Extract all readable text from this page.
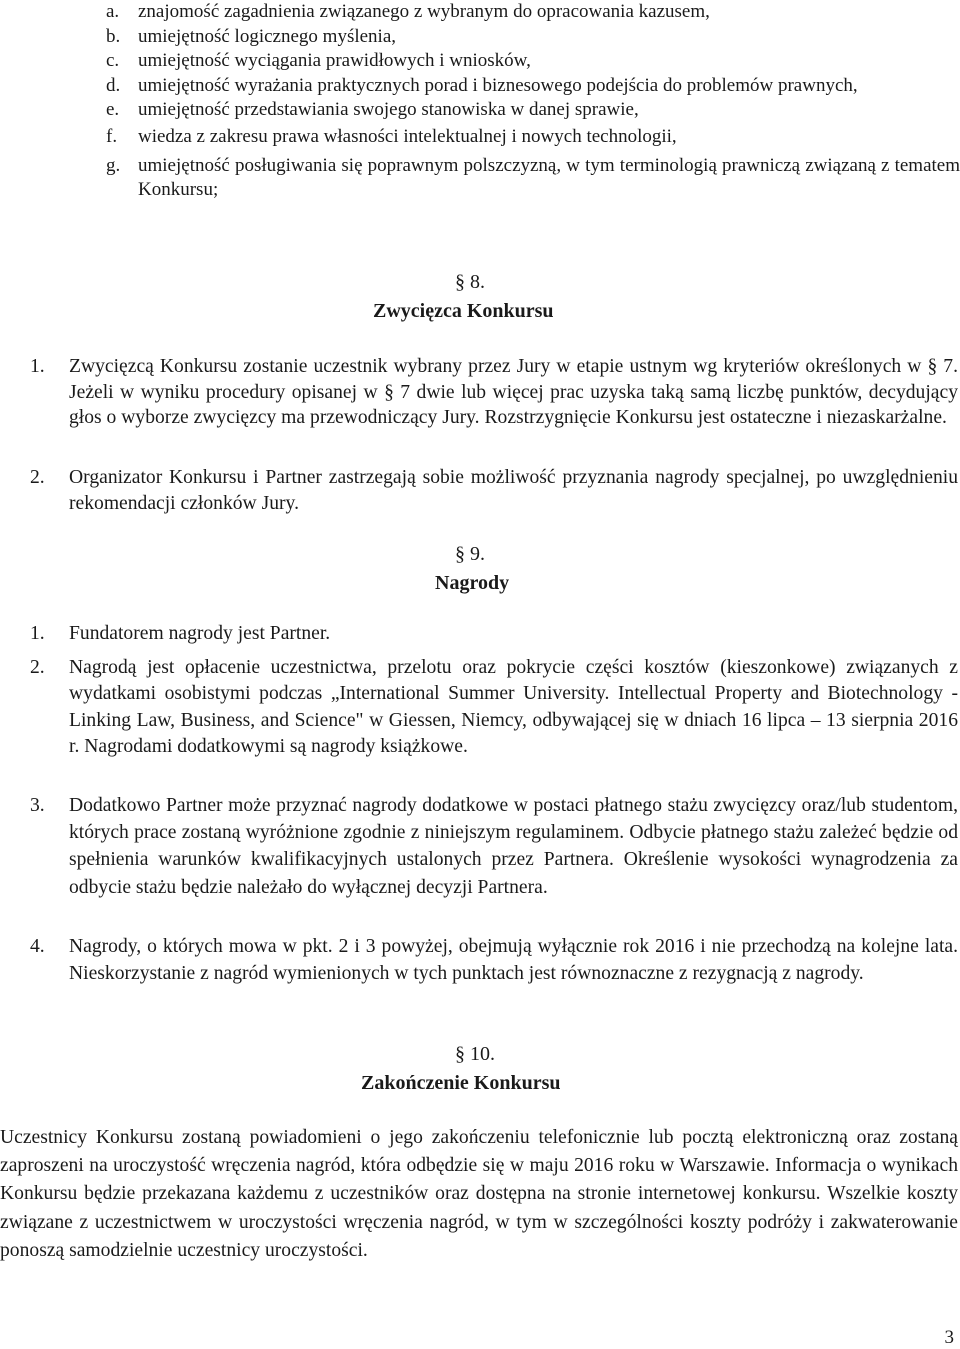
a. znajomość zagadnienia związanego z wybranym do opracowania kazusem,
b. umiejętność logicznego myślenia,
c. umiejętność wyciągania prawidłowych i wniosków,
d. umiejętność wyrażania praktycznych porad i biznesowego podejścia do problemów prawnych,
e. umiejętność przedstawiania swojego stanowiska w danej sprawie,
f.	wiedza z zakresu prawa własności intelektualnej i nowych technologii,
g. umiejętność posługiwania się poprawnym polszczyzną, w tym terminologią prawniczą związaną z tematem Konkursu;
§ 8.
Zwycięzca Konkursu
1. Zwycięzcą Konkursu zostanie uczestnik wybrany przez Jury w etapie ustnym wg kryteriów określonych w § 7. Jeżeli w wyniku procedury opisanej w § 7 dwie lub więcej prac uzyska taką samą liczbę punktów, decydujący głos o wyborze zwycięzcy ma przewodniczący Jury. Rozstrzygnięcie Konkursu jest ostateczne i niezaskarżalne.
2. Organizator Konkursu i Partner zastrzegają sobie możliwość przyznania nagrody specjalnej, po uwzględnieniu rekomendacji członków Jury.
§ 9.
Nagrody
1. Fundatorem nagrody jest Partner.
2. Nagrodą jest opłacenie uczestnictwa, przelotu oraz pokrycie części kosztów (kieszonkowe) związanych z wydatkami osobistymi podczas „International Summer University. Intellectual Property and Biotechnology - Linking Law, Business, and Science" w Giessen, Niemcy, odbywającej się w dniach 16 lipca – 13 sierpnia 2016 r. Nagrodami dodatkowymi są nagrody książkowe.
3. Dodatkowo Partner może przyznać nagrody dodatkowe w postaci płatnego stażu zwycięzcy oraz/lub studentom, których prace zostaną wyróżnione zgodnie z niniejszym regulaminem. Odbycie płatnego stażu zależeć będzie od spełnienia warunków kwalifikacyjnych ustalonych przez Partnera. Określenie wysokości wynagrodzenia za odbycie stażu będzie należało do wyłącznej decyzji Partnera.
4. Nagrody, o których mowa w pkt. 2 i 3 powyżej, obejmują wyłącznie rok 2016 i nie przechodzą na kolejne lata. Nieskorzystanie z nagród wymienionych w tych punktach jest równoznaczne z rezygnacją z nagrody.
§ 10.
Zakończenie Konkursu
Uczestnicy Konkursu zostaną powiadomieni o jego zakończeniu telefonicznie lub pocztą elektroniczną oraz zostaną zaproszeni na uroczystość wręczenia nagród, która odbędzie się w maju 2016 roku w Warszawie. Informacja o wynikach Konkursu będzie przekazana każdemu z uczestników oraz dostępna na stronie internetowej konkursu. Wszelkie koszty związane z uczestnictwem w uroczystości wręczenia nagród, w tym w szczególności koszty podróży i zakwaterowanie ponoszą samodzielnie uczestnicy uroczystości.
3
